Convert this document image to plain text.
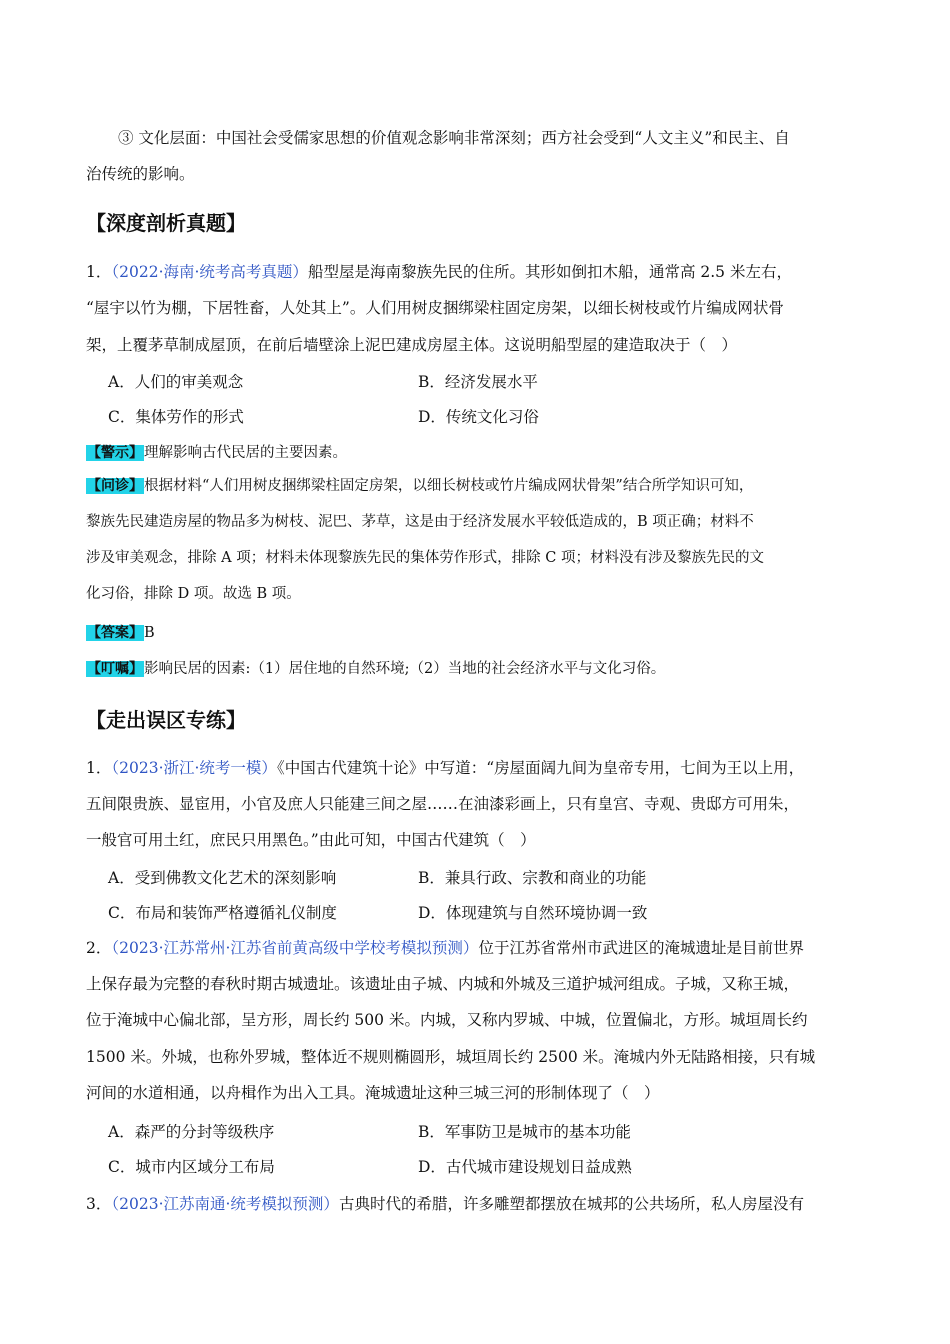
③ 文化层面：中国社会受儒家思想的价值观念影响非常深刻；西方社会受到“人文主义”和民主、自
治传统的影响。
【深度剖析真题】
1．（2022·海南·统考高考真题）船型屋是海南黎族先民的住所。其形如倒扣木船，通常高 2.5 米左右，
“屋宇以竹为棚，下居牲畜，人处其上”。人们用树皮捆绑梁柱固定房架，以细长树枝或竹片编成网状骨
架，上覆茅草制成屋顶，在前后墙壁涂上泥巴建成房屋主体。这说明船型屋的建造取决于（　）
A．人们的审美观念	B．经济发展水平
C．集体劳作的形式	D．传统文化习俗
【警示】理解影响古代民居的主要因素。
【问诊】根据材料“人们用树皮捆绑梁柱固定房架，以细长树枝或竹片编成网状骨架”结合所学知识可知，
黎族先民建造房屋的物品多为树枝、泥巴、茅草，这是由于经济发展水平较低造成的，B 项正确；材料不
涉及审美观念，排除 A 项；材料未体现黎族先民的集体劳作形式，排除 C 项；材料没有涉及黎族先民的文
化习俗，排除 D 项。故选 B 项。
【答案】B
【叮嘱】影响民居的因素:（1）居住地的自然环境;（2）当地的社会经济水平与文化习俗。
【走出误区专练】
1．（2023·浙江·统考一模）《中国古代建筑十论》中写道：“房屋面阔九间为皇帝专用，七间为王以上用，
五间限贵族、显宦用，小官及庶人只能建三间之屋……在油漆彩画上，只有皇宫、寺观、贵邸方可用朱，
一般官可用土红，庶民只用黑色。”由此可知，中国古代建筑（　）
A．受到佛教文化艺术的深刻影响	B．兼具行政、宗教和商业的功能
C．布局和装饰严格遵循礼仪制度	D．体现建筑与自然环境协调一致
2．（2023·江苏常州·江苏省前黄高级中学校考模拟预测）位于江苏省常州市武进区的淹城遗址是目前世界
上保存最为完整的春秋时期古城遗址。该遗址由子城、内城和外城及三道护城河组成。子城，又称王城，
位于淹城中心偏北部，呈方形，周长约 500 米。内城，又称内罗城、中城，位置偏北，方形。城垣周长约
1500 米。外城，也称外罗城，整体近不规则椭圆形，城垣周长约 2500 米。淹城内外无陆路相接，只有城
河间的水道相通，以舟楫作为出入工具。淹城遗址这种三城三河的形制体现了（　）
A．森严的分封等级秩序	B．军事防卫是城市的基本功能
C．城市内区域分工布局	D．古代城市建设规划日益成熟
3．（2023·江苏南通·统考模拟预测）古典时代的希腊，许多雕塑都摆放在城邦的公共场所，私人房屋没有
